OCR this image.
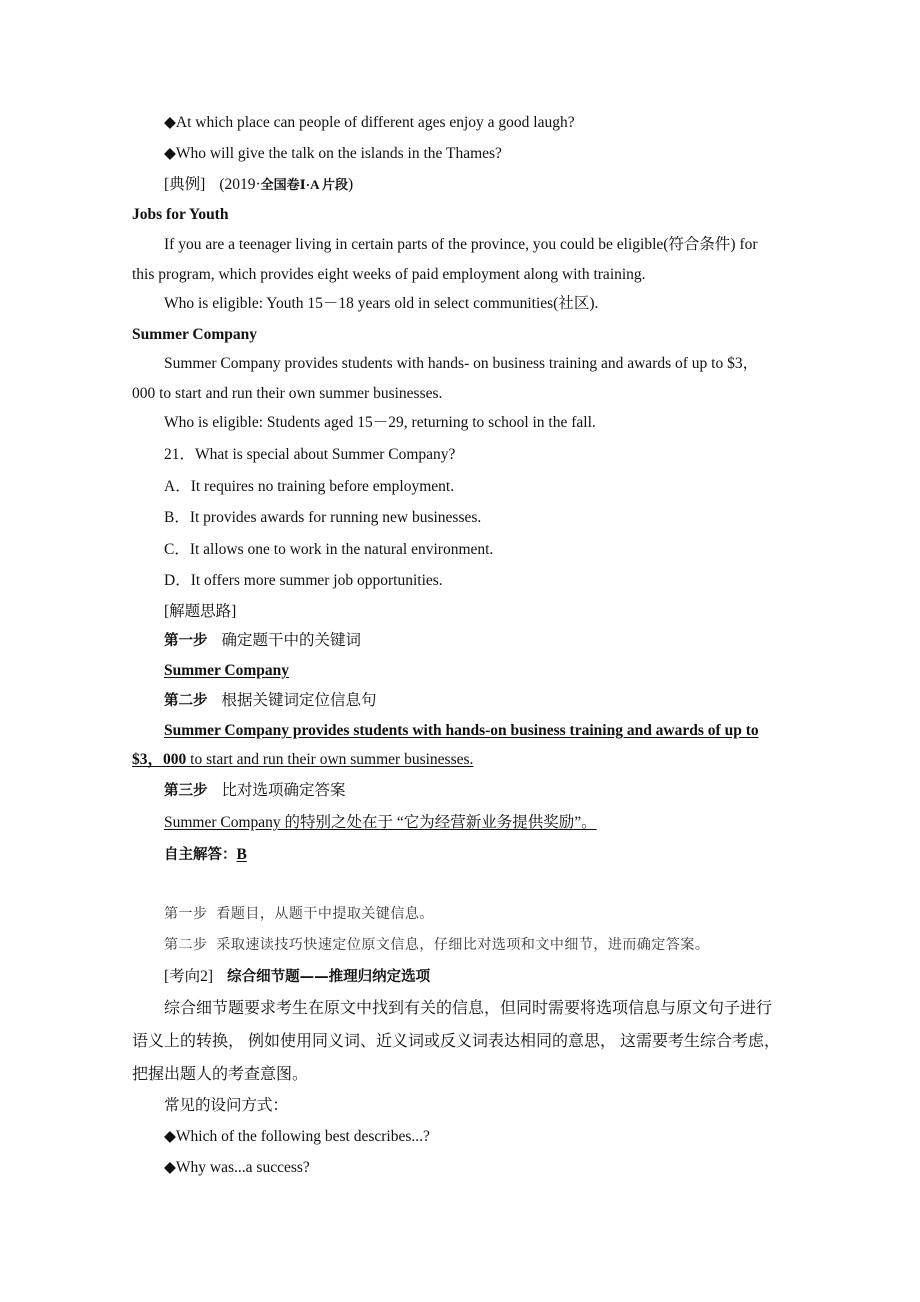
◆At which place can people of different ages enjoy a good laugh?
◆Who will give the talk on the islands in the Thames?
[典例] (2019·全国卷Ⅰ·A 片段)
Jobs for Youth
If you are a teenager living in certain parts of the province, you could be eligible(符合条件) for
this program, which provides eight weeks of paid employment along with training.
Who is eligible: Youth 15－18 years old in select communities(社区).
Summer Company
Summer Company provides students with hands- on business training and awards of up to $3，
000 to start and run their own summer businesses.
Who is eligible: Students aged 15－29, returning to school in the fall.
21．What is special about Summer Company?
A．It requires no training before employment.
B．It provides awards for running new businesses.
C．It allows one to work in the natural environment.
D．It offers more summer job opportunities.
[解题思路]
第一步 确定题干中的关键词
Summer Company
第二步 根据关键词定位信息句
Summer Company provides students with hands-on business training and awards of up to
$3，000 to start and run their own summer businesses.
第三步 比对选项确定答案
Summer Company 的特别之处在于 “它为经营新业务提供奖励”。
自主解答：B
第一步 看题目，从题干中提取关键信息。
第二步 采取速读技巧快速定位原文信息，仔细比对选项和文中细节，进而确定答案。
[考向2] 综合细节题——推理归纳定选项
综合细节题要求考生在原文中找到有关的信息，但同时需要将选项信息与原文句子进行
语义上的转换， 例如使用同义词、近义词或反义词表达相同的意思， 这需要考生综合考虑，
把握出题人的考查意图。
常见的设问方式：
◆Which of the following best describes...?
◆Why was...a success?
